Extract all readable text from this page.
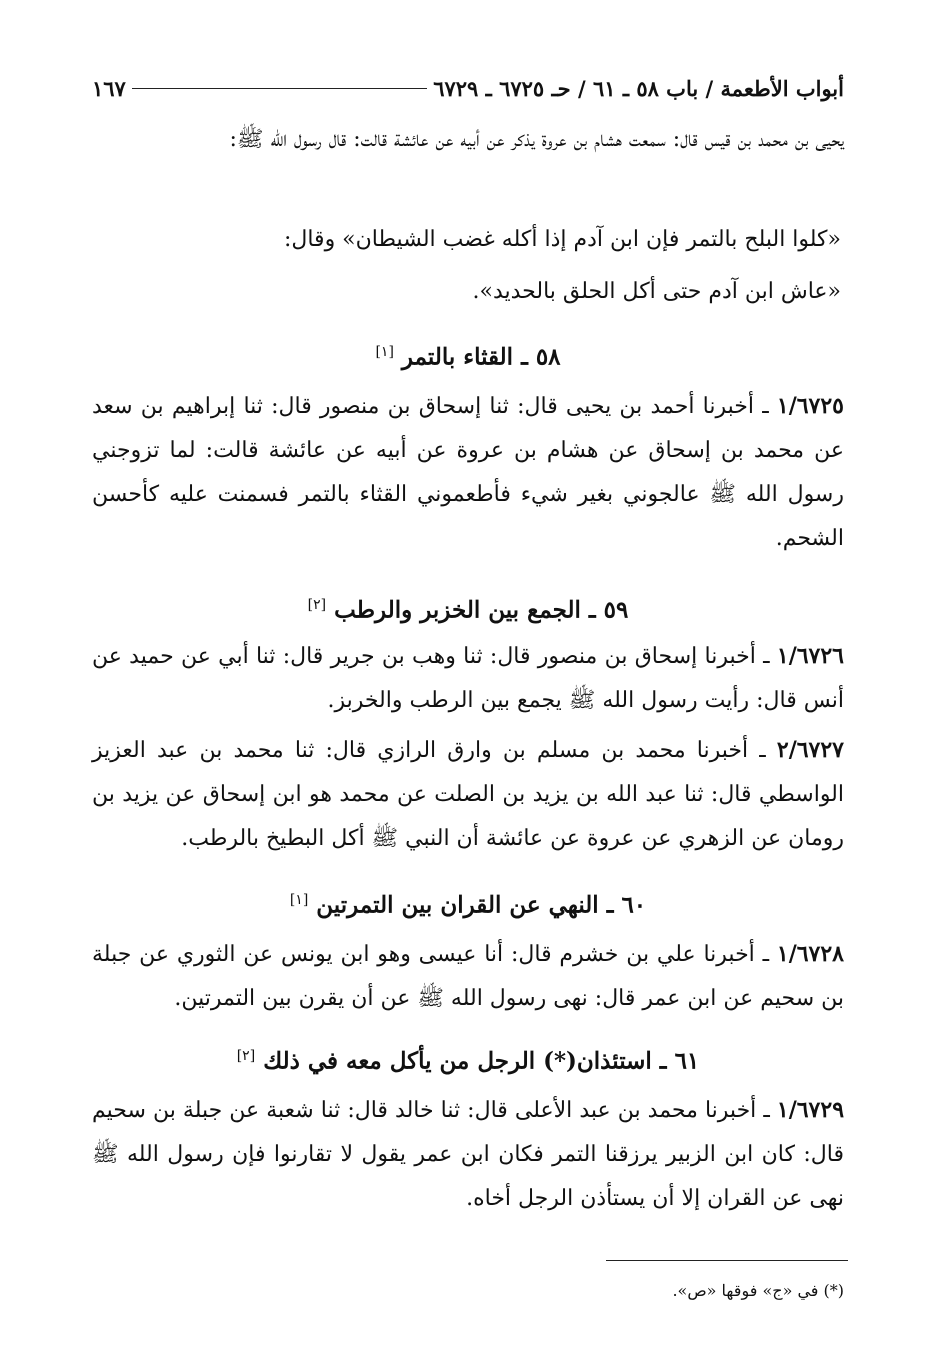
أبواب الأطعمة / باب ٥٨ ـ ٦١ / حـ ٦٧٢٥ ـ ٦٧٢٩
١٦٧
يحيى بن محمد بن قيس قال: سمعت هشام بن عروة يذكر عن أبيه عن عائشة قالت: قال رسول الله ﷺ:
«كلوا البلح بالتمر فإن ابن آدم إذا أكله غضب الشيطان» وقال:
«عاش ابن آدم حتى أكل الحلق بالحديد».
٥٨ ـ القثاء بالتمر [١]
١/٦٧٢٥ ـ أخبرنا أحمد بن يحيى قال: ثنا إسحاق بن منصور قال: ثنا إبراهيم بن سعد عن محمد بن إسحاق عن هشام بن عروة عن أبيه عن عائشة قالت: لما تزوجني رسول الله ﷺ عالجوني بغير شيء فأطعموني القثاء بالتمر فسمنت عليه كأحسن الشحم.
٥٩ ـ الجمع بين الخزبر والرطب [٢]
١/٦٧٢٦ ـ أخبرنا إسحاق بن منصور قال: ثنا وهب بن جرير قال: ثنا أبي عن حميد عن أنس قال: رأيت رسول الله ﷺ يجمع بين الرطب والخربز.
٢/٦٧٢٧ ـ أخبرنا محمد بن مسلم بن وارق الرازي قال: ثنا محمد بن عبد العزيز الواسطي قال: ثنا عبد الله بن يزيد بن الصلت عن محمد هو ابن إسحاق عن يزيد بن رومان عن الزهري عن عروة عن عائشة أن النبي ﷺ أكل البطيخ بالرطب.
٦٠ ـ النهي عن القران بين التمرتين [١]
١/٦٧٢٨ ـ أخبرنا علي بن خشرم قال: أنا عيسى وهو ابن يونس عن الثوري عن جبلة بن سحيم عن ابن عمر قال: نهى رسول الله ﷺ عن أن يقرن بين التمرتين.
٦١ ـ استئذان(*) الرجل من يأكل معه في ذلك [٢]
١/٦٧٢٩ ـ أخبرنا محمد بن عبد الأعلى قال: ثنا خالد قال: ثنا شعبة عن جبلة بن سحيم قال: كان ابن الزبير يرزقنا التمر فكان ابن عمر يقول لا تقارنوا فإن رسول الله ﷺ نهى عن القران إلا أن يستأذن الرجل أخاه.
(*) في «ج» فوقها «ص».
